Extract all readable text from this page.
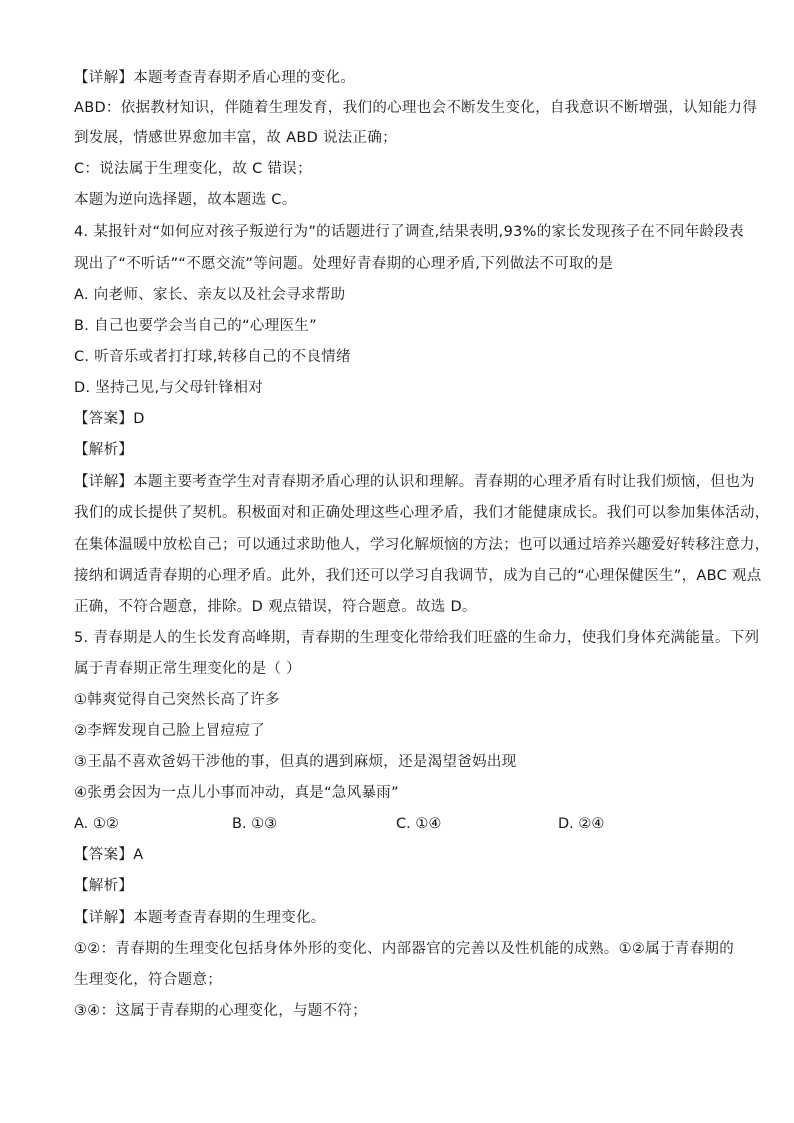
【详解】本题考查青春期矛盾心理的变化。
ABD：依据教材知识，伴随着生理发育，我们的心理也会不断发生变化，自我意识不断增强，认知能力得
到发展，情感世界愈加丰富，故 ABD 说法正确；
C：说法属于生理变化，故 C 错误；
本题为逆向选择题，故本题选 C。
4. 某报针对“如何应对孩子叛逆行为”的话题进行了调查,结果表明,93%的家长发现孩子在不同年龄段表
现出了“不听话”“不愿交流”等问题。处理好青春期的心理矛盾,下列做法不可取的是
A. 向老师、家长、亲友以及社会寻求帮助
B. 自己也要学会当自己的“心理医生”
C. 听音乐或者打打球,转移自己的不良情绪
D. 坚持己见,与父母针锋相对
【答案】D
【解析】
【详解】本题主要考查学生对青春期矛盾心理的认识和理解。青春期的心理矛盾有时让我们烦恼，但也为
我们的成长提供了契机。积极面对和正确处理这些心理矛盾，我们才能健康成长。我们可以参加集体活动，
在集体温暖中放松自己；可以通过求助他人，学习化解烦恼的方法；也可以通过培养兴趣爱好转移注意力，
接纳和调适青春期的心理矛盾。此外，我们还可以学习自我调节，成为自己的“心理保健医生”，ABC 观点
正确，不符合题意，排除。D 观点错误，符合题意。故选 D。
5. 青春期是人的生长发育高峰期，青春期的生理变化带给我们旺盛的生命力，使我们身体充满能量。下列
属于青春期正常生理变化的是（ ）
①韩爽觉得自己突然长高了许多
②李辉发现自己脸上冒痘痘了
③王晶不喜欢爸妈干涉他的事，但真的遇到麻烦，还是渴望爸妈出现
④张勇会因为一点儿小事而冲动，真是“急风暴雨”
A. ①②	B. ①③	C. ①④	D. ②④
【答案】A
【解析】
【详解】本题考查青春期的生理变化。
①②：青春期的生理变化包括身体外形的变化、内部器官的完善以及性机能的成熟。①②属于青春期的
生理变化，符合题意；
③④：这属于青春期的心理变化，与题不符；
